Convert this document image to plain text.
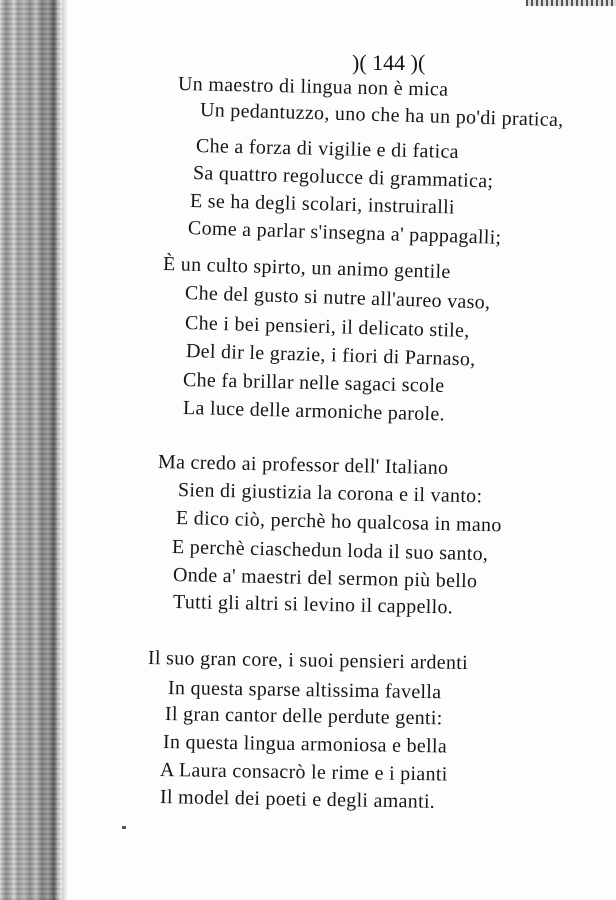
)( 144 )(
Un maestro di lingua non è mica
Un pedantuzzo, uno che ha un po'di pratica,
Che a forza di vigilie e di fatica
Sa quattro regolucce di grammatica;
E se ha degli scolari, instruiralli
Come a parlar s'insegna a' pappagalli;
È un culto spirto, un animo gentile
Che del gusto si nutre all'aureo vaso,
Che i bei pensieri, il delicato stile,
Del dir le grazie, i fiori di Parnaso,
Che fa brillar nelle sagaci scole
La luce delle armoniche parole.
Ma credo ai professor dell' Italiano
Sien di giustizia la corona e il vanto:
E dico ciò, perchè ho qualcosa in mano
E perchè ciaschedun loda il suo santo,
Onde a' maestri del sermon più bello
Tutti gli altri si levino il cappello.
Il suo gran core, i suoi pensieri ardenti
In questa sparse altissima favella
Il gran cantor delle perdute genti:
In questa lingua armoniosa e bella
A Laura consacrò le rime e i pianti
Il model dei poeti e degli amanti.
